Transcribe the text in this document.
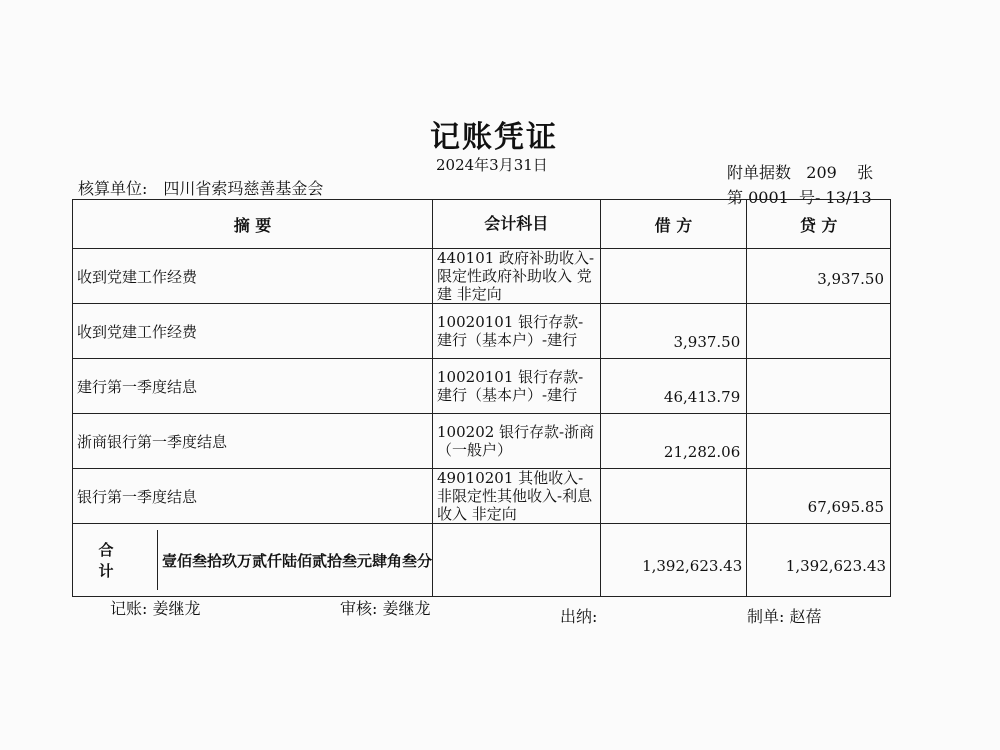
记账凭证
2024年3月31日
核算单位: 四川省索玛慈善基金会
附单据数 209 张
第 0001 号- 13/13
摘 要	会计科目	借 方	贷 方
收到党建工作经费	440101 政府补助收入-限定性政府补助收入 党建 非定向		3,937.50

收到党建工作经费	10020101 银行存款-建行（基本户）-建行	3,937.50	

建行第一季度结息	10020101 银行存款-建行（基本户）-建行	46,413.79	

浙商银行第一季度结息	100202 银行存款-浙商（一般户）	21,282.06	

银行第一季度结息	49010201 其他收入-非限定性其他收入-利息收入 非定向		67,695.85

合 计
壹佰叁拾玖万贰仟陆佰贰拾叁元肆角叁分		1,392,623.43	1,392,623.43
记账: 姜继龙	审核: 姜继龙	出纳:	制单: 赵蓓
